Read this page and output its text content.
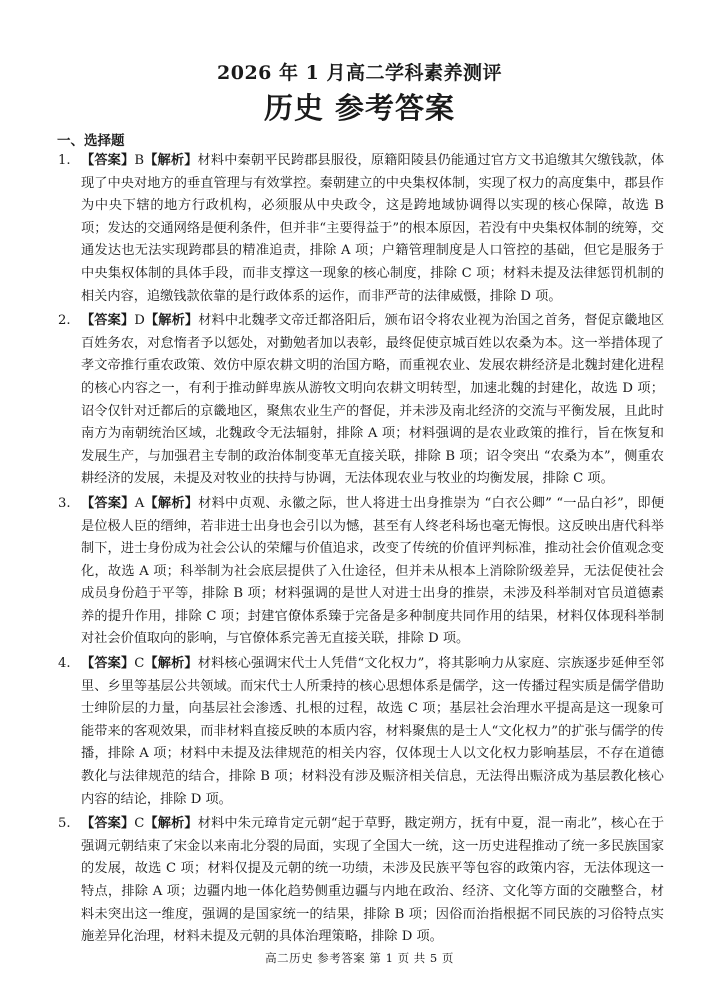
2026 年 1 月高二学科素养测评
历史 参考答案
一、选择题
1. 【答案】B【解析】材料中秦朝平民跨郡县服役，原籍阳陵县仍能通过官方文书追缴其欠缴钱款，体现了中央对地方的垂直管理与有效掌控。秦朝建立的中央集权体制，实现了权力的高度集中，郡县作为中央下辖的地方行政机构，必须服从中央政令，这是跨地域协调得以实现的核心保障，故选 B 项；发达的交通网络是便利条件，但并非“主要得益于”的根本原因，若没有中央集权体制的统筹，交通发达也无法实现跨郡县的精准追责，排除 A 项；户籍管理制度是人口管控的基础，但它是服务于中央集权体制的具体手段，而非支撑这一现象的核心制度，排除 C 项；材料未提及法律惩罚机制的相关内容，追缴钱款依靠的是行政体系的运作，而非严苛的法律威慑，排除 D 项。
2. 【答案】D【解析】材料中北魏孝文帝迁都洛阳后，颁布诏令将农业视为治国之首务，督促京畿地区百姓务农，对怠惰者予以惩处，对勤勉者加以表彰，最终促使京城百姓以农桑为本。这一举措体现了孝文帝推行重农政策、效仿中原农耕文明的治国方略，而重视农业、发展农耕经济是北魏封建化进程的核心内容之一，有利于推动鲜卑族从游牧文明向农耕文明转型，加速北魏的封建化，故选 D 项；诏令仅针对迁都后的京畿地区，聚焦农业生产的督促，并未涉及南北经济的交流与平衡发展，且此时南方为南朝统治区域，北魏政令无法辐射，排除 A 项；材料强调的是农业政策的推行，旨在恢复和发展生产，与加强君主专制的政治体制变革无直接关联，排除 B 项；诏令突出 “农桑为本”，侧重农耕经济的发展，未提及对牧业的扶持与协调，无法体现农业与牧业的均衡发展，排除 C 项。
3. 【答案】A【解析】材料中贞观、永徽之际，世人将进士出身推崇为 “白衣公卿” “一品白衫”，即便是位极人臣的缙绅，若非进士出身也会引以为憾，甚至有人终老科场也毫无悔恨。这反映出唐代科举制下，进士身份成为社会公认的荣耀与价值追求，改变了传统的价值评判标准，推动社会价值观念变化，故选 A 项；科举制为社会底层提供了入仕途径，但并未从根本上消除阶级差异，无法促使社会成员身份趋于平等，排除 B 项；材料强调的是世人对进士出身的推崇，未涉及科举制对官员道德素养的提升作用，排除 C 项；封建官僚体系臻于完备是多种制度共同作用的结果，材料仅体现科举制对社会价值取向的影响，与官僚体系完善无直接关联，排除 D 项。
4. 【答案】C【解析】材料核心强调宋代士人凭借“文化权力”，将其影响力从家庭、宗族逐步延伸至邻里、乡里等基层公共领域。而宋代士人所秉持的核心思想体系是儒学，这一传播过程实质是儒学借助士绅阶层的力量，向基层社会渗透、扎根的过程，故选 C 项；基层社会治理水平提高是这一现象可能带来的客观效果，而非材料直接反映的本质内容，材料聚焦的是士人“文化权力”的扩张与儒学的传播，排除 A 项；材料中未提及法律规范的相关内容，仅体现士人以文化权力影响基层，不存在道德教化与法律规范的结合，排除 B 项；材料没有涉及赈济相关信息，无法得出赈济成为基层教化核心内容的结论，排除 D 项。
5. 【答案】C【解析】材料中朱元璋肯定元朝“起于草野，戡定朔方，抚有中夏，混一南北”，核心在于强调元朝结束了宋金以来南北分裂的局面，实现了全国大一统，这一历史进程推动了统一多民族国家的发展，故选 C 项；材料仅提及元朝的统一功绩，未涉及民族平等包容的政策内容，无法体现这一特点，排除 A 项；边疆内地一体化趋势侧重边疆与内地在政治、经济、文化等方面的交融整合，材料未突出这一维度，强调的是国家统一的结果，排除 B 项；因俗而治指根据不同民族的习俗特点实施差异化治理，材料未提及元朝的具体治理策略，排除 D 项。
高二历史 参考答案 第 1 页 共 5 页
